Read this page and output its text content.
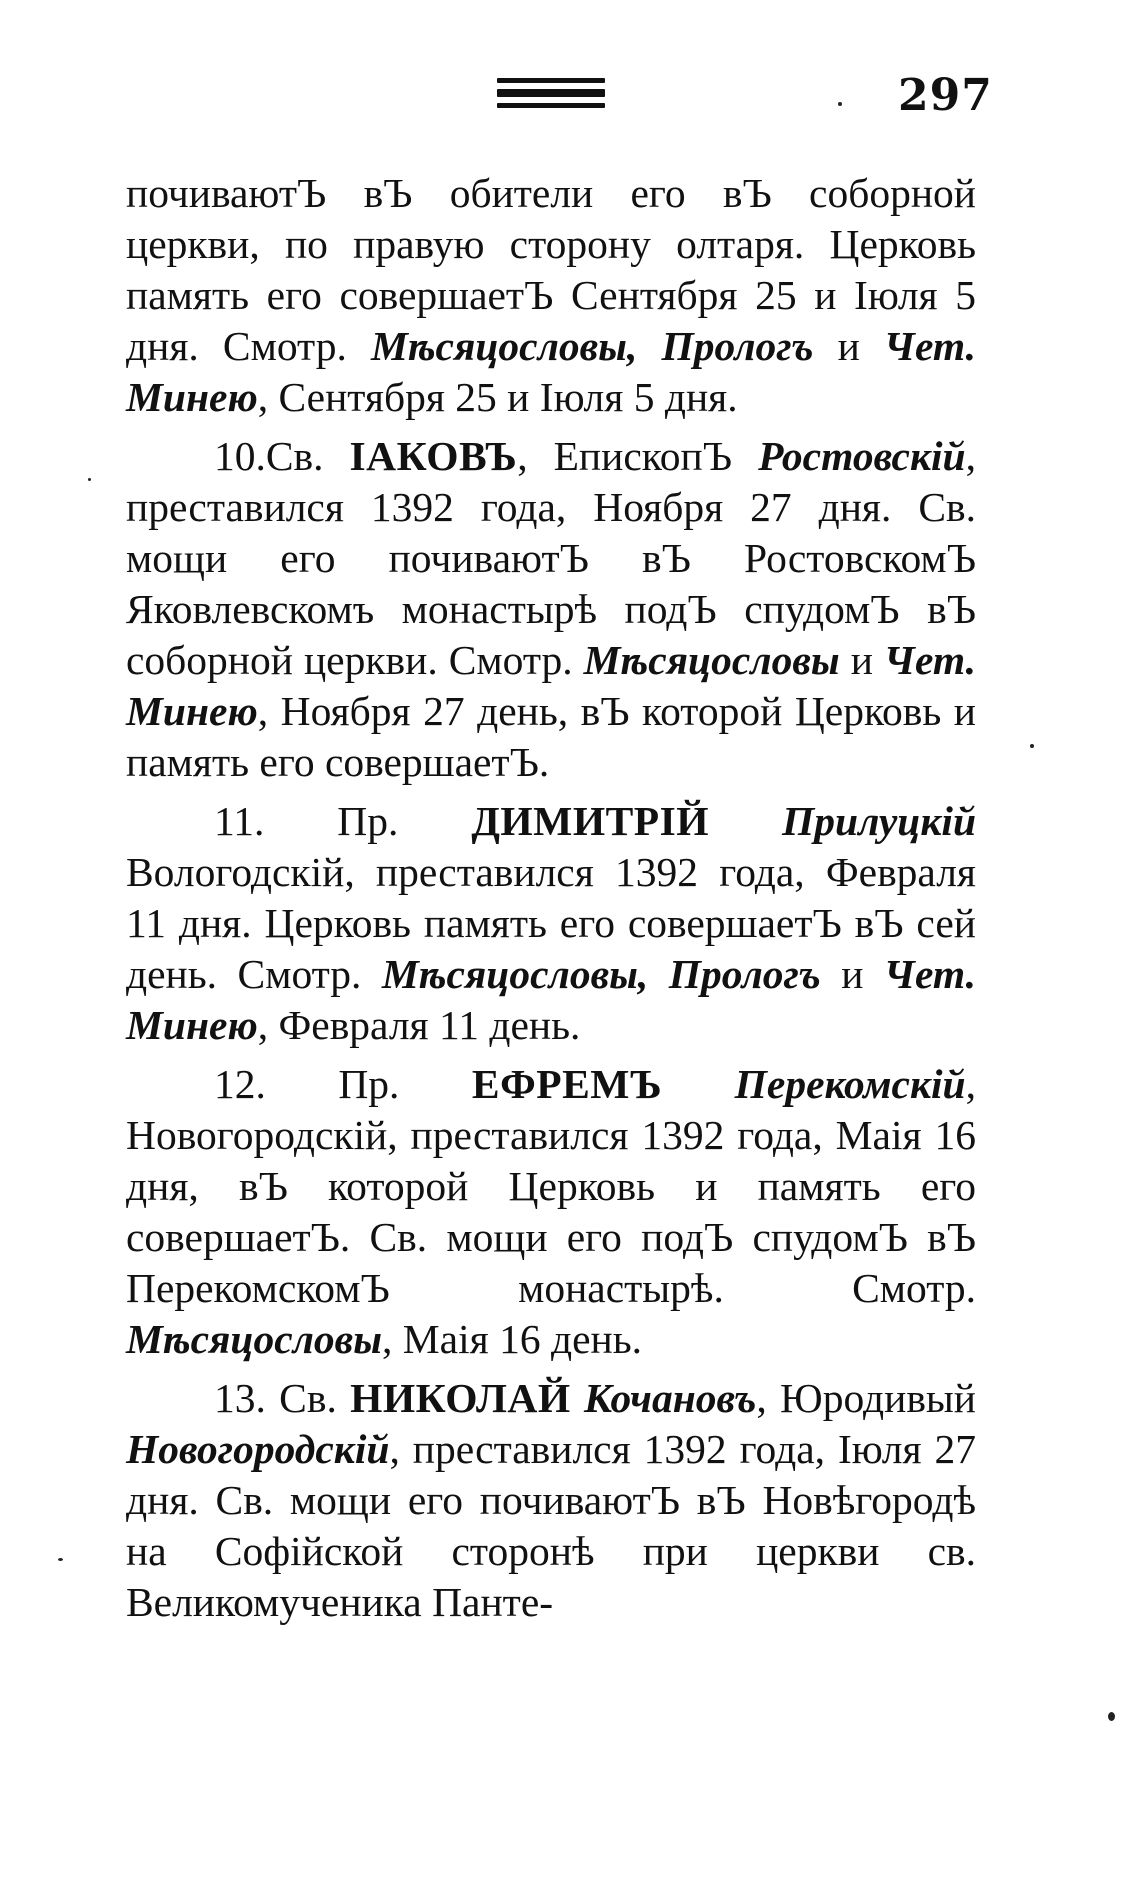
297

почиваютЪ вЪ обители его вЪ соборной церкви, по правую сторону олтаря. Церковь память его совершаетЪ Сентября 25 и Іюля 5 дня. Смотр. Мѣсяцословы, Прологъ и Чет. Минею, Сентября 25 и Іюля 5 дня.

10.Св. ІАКОВЪ, ЕпископЪ Ростовскій, преставился 1392 года, Ноября 27 дня. Св. мощи его почиваютЪ вЪ РостовскомЪ Яковлевскомъ монастырѣ подЪ спудомЪ вЪ соборной церкви. Смотр. Мѣсяцословы и Чет. Минею, Ноября 27 день, вЪ которой Церковь и память его совершаетЪ.

11. Пр. ДИМИТРІЙ Прилуцкій Вологодскій, преставился 1392 года, Февраля 11 дня. Церковь память его совершаетЪ вЪ сей день. Смотр. Мѣсяцословы, Прологъ и Чет. Минею, Февраля 11 день.

12. Пр. ЕФРЕМЪ Перекомскій, Новогородскій, преставился 1392 года, Маія 16 дня, вЪ которой Церковь и память его совершаетЪ. Св. мощи его подЪ спудомЪ вЪ ПерекомскомЪ монастырѣ. Смотр. Мѣсяцословы, Маія 16 день.

13. Св. НИКОЛАЙ Кочановъ, Юродивый Новогородскій, преставился 1392 года, Іюля 27 дня. Св. мощи его почиваютЪ вЪ Новѣгородѣ на Софійской сторонѣ при церкви св. Великомученика Панте-
